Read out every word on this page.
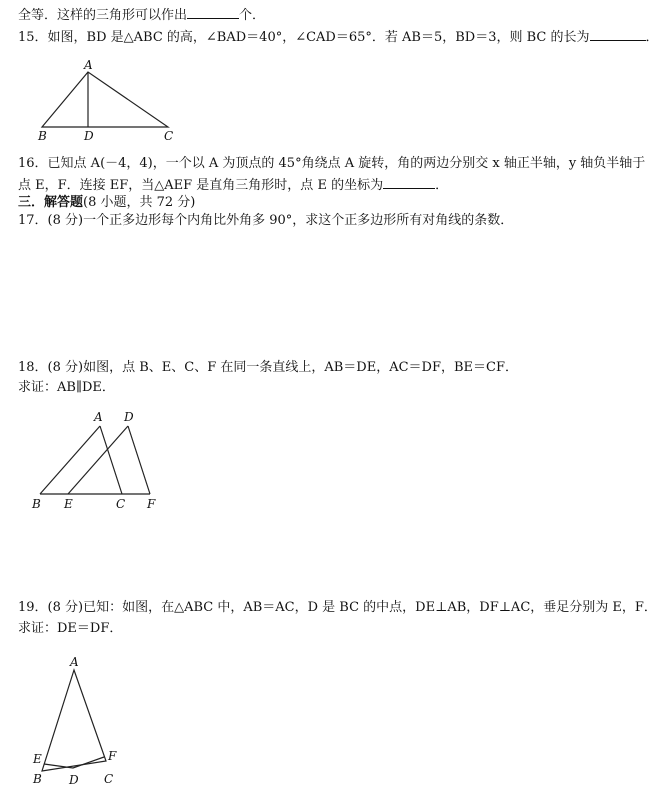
全等．这样的三角形可以作出	个．
15．如图，BD 是△ABC 的高，∠BAD＝40°，∠CAD＝65°．若 AB＝5，BD＝3，则 BC 的长为	．
A
B	D	C
16．已知点 A(－4，4)，一个以 A 为顶点的 45°角绕点 A 旋转，角的两边分别交 x 轴正半轴，y 轴负半轴于
点 E，F．连接 EF，当△AEF 是直角三角形时，点 E 的坐标为	．
三．解答题(8 小题，共 72 分)
17．(8 分)一个正多边形每个内角比外角多 90°，求这个正多边形所有对角线的条数．
18．(8 分)如图，点 B、E、C、F 在同一条直线上，AB＝DE，AC＝DF，BE＝CF．
求证：AB∥DE．
A D
B E	C F
19．(8 分)已知：如图，在△ABC 中，AB＝AC，D 是 BC 的中点，DE⊥AB，DF⊥AC，垂足分别为 E，F．
求证：DE＝DF．
A
E	F
B D C
